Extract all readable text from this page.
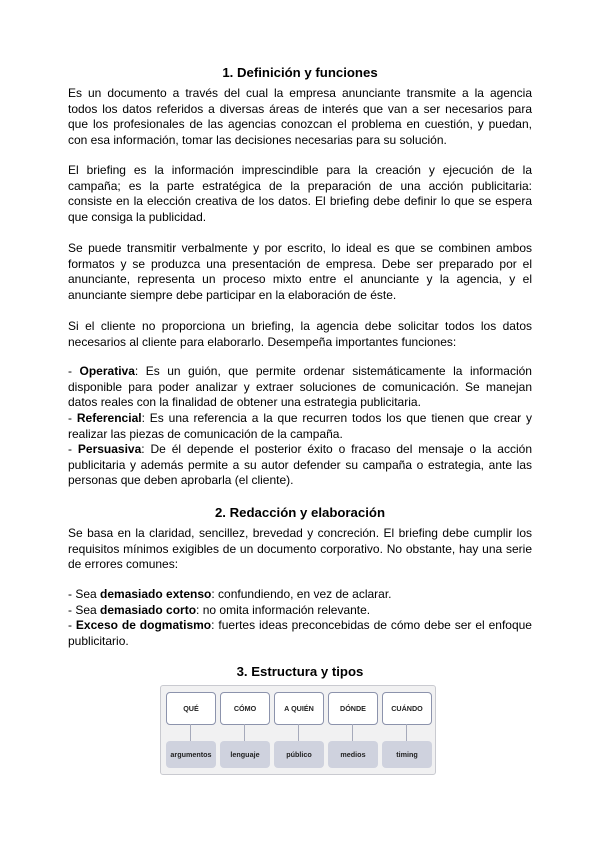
1. Definición y funciones
Es un documento a través del cual la empresa anunciante transmite a la agencia
todos los datos referidos a diversas áreas de interés que van a ser necesarios para
que los profesionales de las agencias conozcan el problema en cuestión, y puedan,
con esa información, tomar las decisiones necesarias para su solución.
El briefing es la información imprescindible para la creación y ejecución de la
campaña; es la parte estratégica de la preparación de una acción publicitaria:
consiste en la elección creativa de los datos. El briefing debe definir lo que se espera
que consiga la publicidad.
Se puede transmitir verbalmente y por escrito, lo ideal es que se combinen ambos
formatos y se produzca una presentación de empresa. Debe ser preparado por el
anunciante, representa un proceso mixto entre el anunciante y la agencia, y el
anunciante siempre debe participar en la elaboración de éste.
Si el cliente no proporciona un briefing, la agencia debe solicitar todos los datos
necesarios al cliente para elaborarlo. Desempeña importantes funciones:
- Operativa: Es un guión, que permite ordenar sistemáticamente la información
disponible para poder analizar y extraer soluciones de comunicación. Se manejan
datos reales con la finalidad de obtener una estrategia publicitaria.
- Referencial: Es una referencia a la que recurren todos los que tienen que crear y
realizar las piezas de comunicación de la campaña.
- Persuasiva: De él depende el posterior éxito o fracaso del mensaje o la acción
publicitaria y además permite a su autor defender su campaña o estrategia, ante las
personas que deben aprobarla (el cliente).
2. Redacción y elaboración
Se basa en la claridad, sencillez, brevedad y concreción. El briefing debe cumplir los
requisitos mínimos exigibles de un documento corporativo. No obstante, hay una serie
de errores comunes:
- Sea demasiado extenso: confundiendo, en vez de aclarar.
- Sea demasiado corto: no omita información relevante.
- Exceso de dogmatismo: fuertes ideas preconcebidas de cómo debe ser el enfoque
publicitario.
3. Estructura y tipos
QUÉ
argumentos
CÓMO
lenguaje
A QUIÉN
público
DÓNDE
medios
CUÁNDO
timing
